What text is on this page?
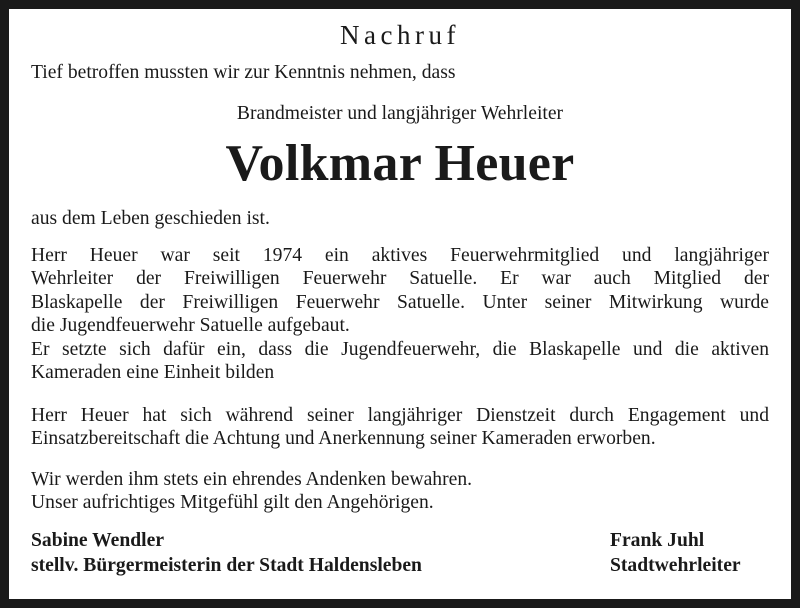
Nachruf
Tief betroffen mussten wir zur Kenntnis nehmen, dass
Brandmeister und langjähriger Wehrleiter
Volkmar Heuer
aus dem Leben geschieden ist.
Herr Heuer war seit 1974 ein aktives Feuerwehrmitglied und langjähriger
Wehrleiter der Freiwilligen Feuerwehr Satuelle. Er war auch Mitglied der
Blaskapelle der Freiwilligen Feuerwehr Satuelle. Unter seiner Mitwirkung wurde
die Jugendfeuerwehr Satuelle aufgebaut.
Er setzte sich dafür ein, dass die Jugendfeuerwehr, die Blaskapelle und die aktiven
Kameraden eine Einheit bilden
Herr Heuer hat sich während seiner langjähriger Dienstzeit durch Engagement und
Einsatzbereitschaft die Achtung und Anerkennung seiner Kameraden erworben.
Wir werden ihm stets ein ehrendes Andenken bewahren.
Unser aufrichtiges Mitgefühl gilt den Angehörigen.
Sabine Wendler
stellv. Bürgermeisterin der Stadt Haldensleben
Frank Juhl
Stadtwehrleiter
